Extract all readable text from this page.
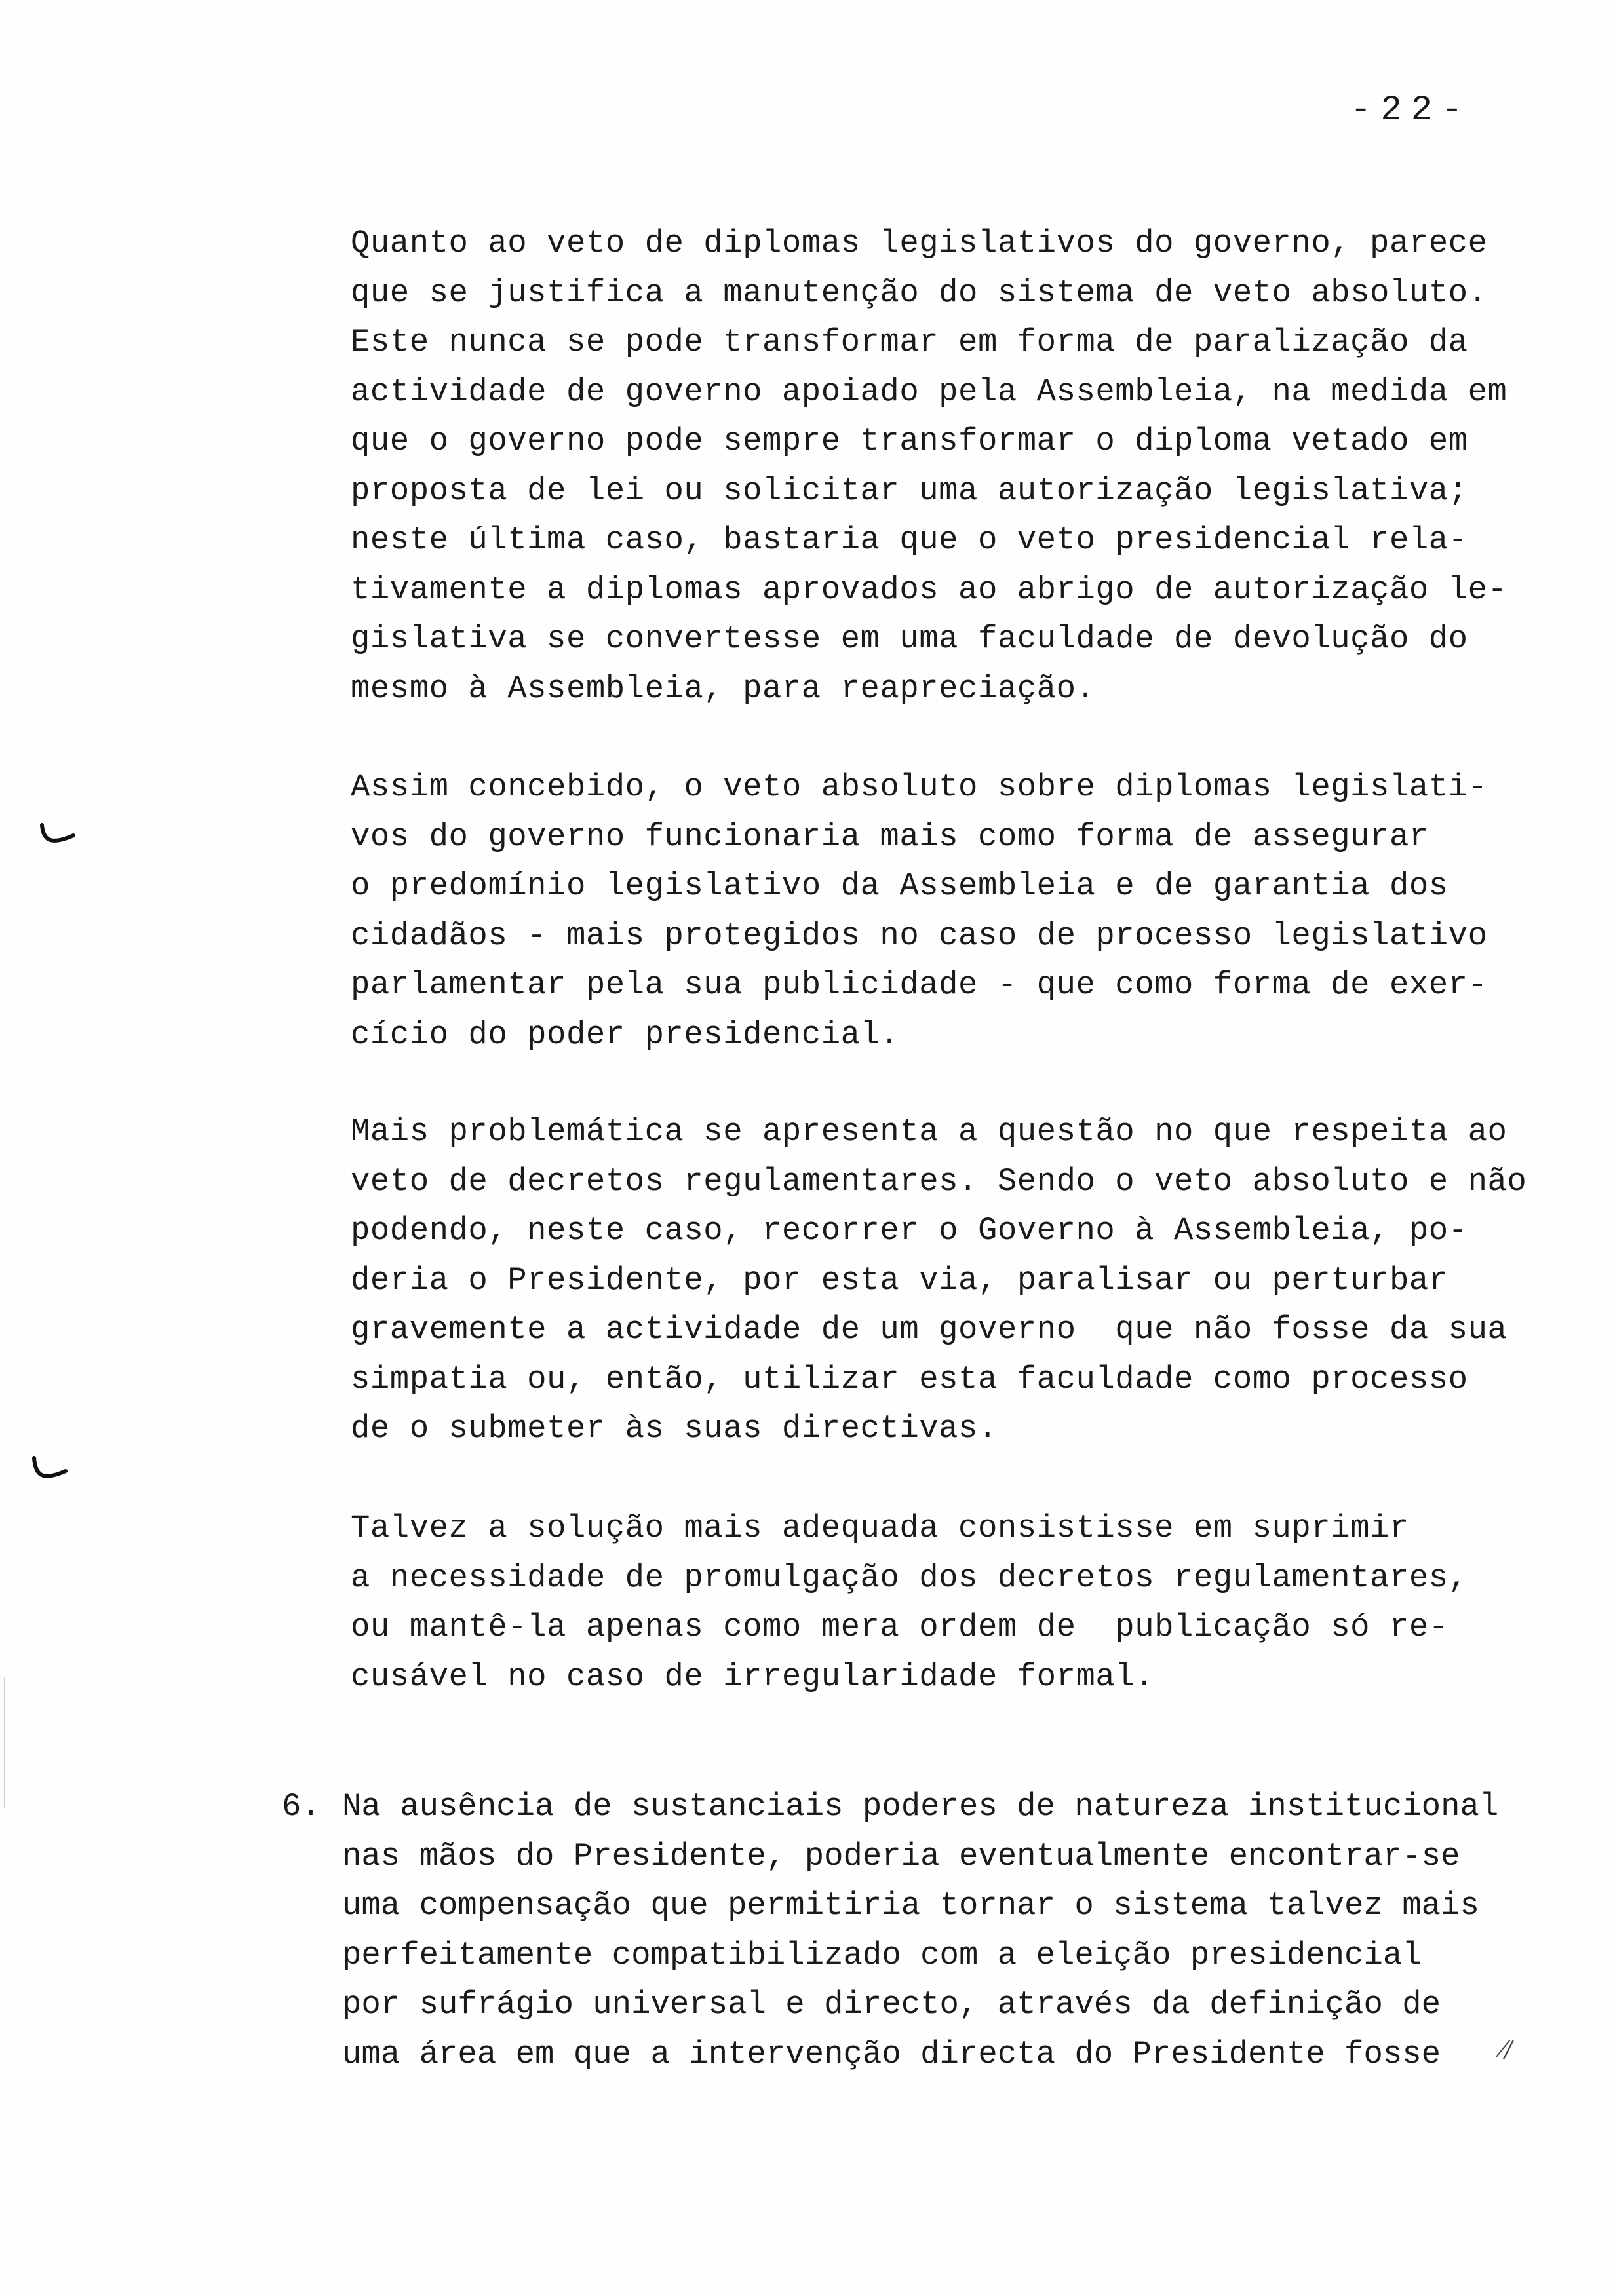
-22-
Quanto ao veto de diplomas legislativos do governo, parece
que se justifica a manutenção do sistema de veto absoluto.
Este nunca se pode transformar em forma de paralização da
actividade de governo apoiado pela Assembleia, na medida em
que o governo pode sempre transformar o diploma vetado em
proposta de lei ou solicitar uma autorização legislativa;
neste última caso, bastaria que o veto presidencial rela-
tivamente a diplomas aprovados ao abrigo de autorização le-
gislativa se convertesse em uma faculdade de devolução do
mesmo à Assembleia, para reapreciação.
Assim concebido, o veto absoluto sobre diplomas legislati-
vos do governo funcionaria mais como forma de assegurar
o predomínio legislativo da Assembleia e de garantia dos
cidadãos - mais protegidos no caso de processo legislativo
parlamentar pela sua publicidade - que como forma de exer-
cício do poder presidencial.
Mais problemática se apresenta a questão no que respeita ao
veto de decretos regulamentares. Sendo o veto absoluto e não
podendo, neste caso, recorrer o Governo à Assembleia, po-
deria o Presidente, por esta via, paralisar ou perturbar
gravemente a actividade de um governo  que não fosse da sua
simpatia ou, então, utilizar esta faculdade como processo
de o submeter às suas directivas.
Talvez a solução mais adequada consistisse em suprimir
a necessidade de promulgação dos decretos regulamentares,
ou mantê-la apenas como mera ordem de  publicação só re-
cusável no caso de irregularidade formal.
6. Na ausência de sustanciais poderes de natureza institucional
nas mãos do Presidente, poderia eventualmente encontrar-se
uma compensação que permitiria tornar o sistema talvez mais
perfeitamente compatibilizado com a eleição presidencial
por sufrágio universal e directo, através da definição de
uma área em que a intervenção directa do Presidente fosse	⁄/
